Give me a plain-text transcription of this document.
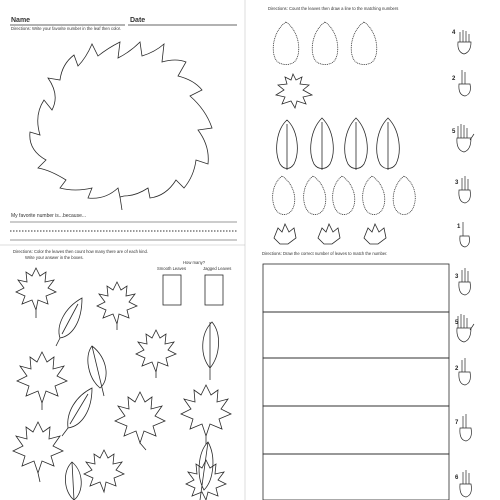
Name	Date
Directions: Write your favorite number in the leaf then color.
My favorite number is...because...
Directions: Count the leaves then draw a line to the matching numbers
4
2
5
3
1
Directions: Color the leaves then count how many there are of each kind.
Write your answer in the boxes.
How many?
Smooth Leaves	Jagged Leaves
Directions: Draw the correct number of leaves to match the number.
3
5
2
7
6
